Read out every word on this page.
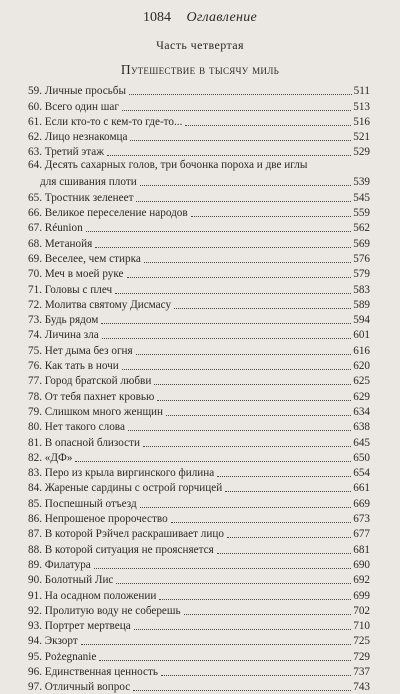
1084 Оглавление
Часть четвертая
Путешествие в тысячу миль
59. Личные просьбы	511
60. Всего один шаг	513
61. Если кто-то с кем-то где-то...	516
62. Лицо незнакомца	521
63. Третий этаж	529
64. Десять сахарных голов, три бочонка пороха и две иглы
для сшивания плоти	539
65. Тростник зеленеет	545
66. Великое переселение народов	559
67. Réunion	562
68. Метанойя	569
69. Веселее, чем стирка	576
70. Меч в моей руке	579
71. Головы с плеч	583
72. Молитва святому Дисмасу	589
73. Будь рядом	594
74. Личина зла	601
75. Нет дыма без огня	616
76. Как тать в ночи	620
77. Город братской любви	625
78. От тебя пахнет кровью	629
79. Слишком много женщин	634
80. Нет такого слова	638
81. В опасной близости	645
82. «ДФ»	650
83. Перо из крыла виргинского филина	654
84. Жареные сардины с острой горчицей	661
85. Поспешный отъезд	669
86. Непрошеное пророчество	673
87. В которой Рэйчел раскрашивает лицо	677
88. В которой ситуация не проясняется	681
89. Филатура	690
90. Болотный Лис	692
91. На осадном положении	699
92. Пролитую воду не соберешь	702
93. Портрет мертвеца	710
94. Экзорт	725
95. Pożegnanie	729
96. Единственная ценность	737
97. Отличный вопрос	743
